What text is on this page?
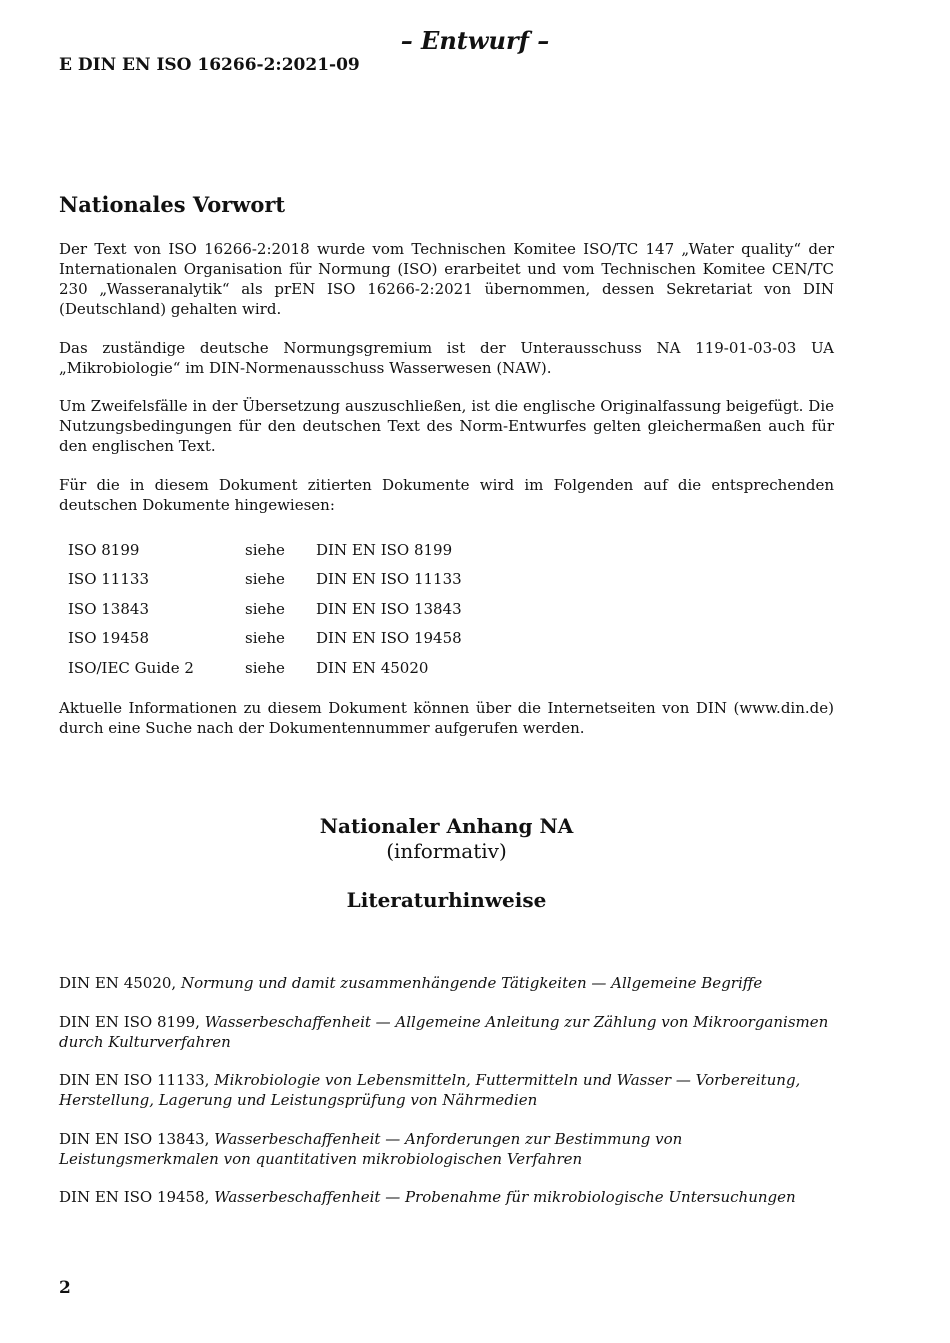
– Entwurf –
E DIN EN ISO 16266-2:2021-09
Nationales Vorwort

Der Text von ISO 16266-2:2018 wurde vom Technischen Komitee ISO/TC 147 „Water quality“ der Internationalen Organisation für Normung (ISO) erarbeitet und vom Technischen Komitee CEN/TC 230 „Wasseranalytik“ als prEN ISO 16266-2:2021 übernommen, dessen Sekretariat von DIN (Deutschland) gehalten wird.

Das zuständige deutsche Normungsgremium ist der Unterausschuss NA 119-01-03-03 UA „Mikrobiologie“ im DIN-Normenausschuss Wasserwesen (NAW).

Um Zweifelsfälle in der Übersetzung auszuschließen, ist die englische Originalfassung beigefügt. Die Nutzungsbedingungen für den deutschen Text des Norm-Entwurfes gelten gleichermaßen auch für den englischen Text.

Für die in diesem Dokument zitierten Dokumente wird im Folgenden auf die entsprechenden deutschen Dokumente hingewiesen:

ISO 8199	siehe	DIN EN ISO 8199
ISO 11133	siehe	DIN EN ISO 11133
ISO 13843	siehe	DIN EN ISO 13843
ISO 19458	siehe	DIN EN ISO 19458
ISO/IEC Guide 2	siehe	DIN EN 45020

Aktuelle Informationen zu diesem Dokument können über die Internetseiten von DIN (www.din.de) durch eine Suche nach der Dokumentennummer aufgerufen werden.

Nationaler Anhang NA
(informativ)
Literaturhinweise

DIN EN 45020, Normung und damit zusammenhängende Tätigkeiten — Allgemeine Begriffe

DIN EN ISO 8199, Wasserbeschaffenheit — Allgemeine Anleitung zur Zählung von Mikroorganismen durch Kulturverfahren

DIN EN ISO 11133, Mikrobiologie von Lebensmitteln, Futtermitteln und Wasser — Vorbereitung, Herstellung, Lagerung und Leistungsprüfung von Nährmedien

DIN EN ISO 13843, Wasserbeschaffenheit — Anforderungen zur Bestimmung von Leistungsmerkmalen von quantitativen mikrobiologischen Verfahren

DIN EN ISO 19458, Wasserbeschaffenheit — Probenahme für mikrobiologische Untersuchungen

2
